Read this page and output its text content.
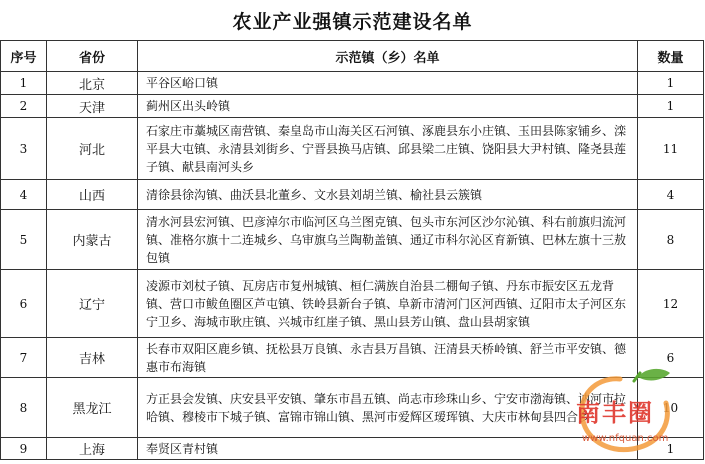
农业产业强镇示范建设名单
序号	省份	示范镇（乡）名单	数量
1	北京	平谷区峪口镇	1
2	天津	蓟州区出头岭镇	1
3	河北	石家庄市藁城区南营镇、秦皇岛市山海关区石河镇、涿鹿县东小庄镇、玉田县陈家铺乡、滦平县大屯镇、永清县刘街乡、宁晋县换马店镇、邱县梁二庄镇、饶阳县大尹村镇、隆尧县莲子镇、献县南河头乡	11
4	山西	清徐县徐沟镇、曲沃县北董乡、文水县刘胡兰镇、榆社县云簇镇	4
5	内蒙古	清水河县宏河镇、巴彦淖尔市临河区乌兰图克镇、包头市东河区沙尔沁镇、科右前旗归流河镇、准格尔旗十二连城乡、乌审旗乌兰陶勒盖镇、通辽市科尔沁区育新镇、巴林左旗十三敖包镇	8
6	辽宁	凌源市刘杖子镇、瓦房店市复州城镇、桓仁满族自治县二棚甸子镇、丹东市振安区五龙背镇、营口市鲅鱼圈区芦屯镇、铁岭县新台子镇、阜新市清河门区河西镇、辽阳市太子河区东宁卫乡、海城市耿庄镇、兴城市红崖子镇、黑山县芳山镇、盘山县胡家镇	12
7	吉林	长春市双阳区鹿乡镇、抚松县万良镇、永吉县万昌镇、汪清县天桥岭镇、舒兰市平安镇、德惠市布海镇	6
8	黑龙江	方正县会发镇、庆安县平安镇、肇东市昌五镇、尚志市珍珠山乡、宁安市渤海镇、讷河市拉哈镇、穆棱市下城子镇、富锦市锦山镇、黑河市爱辉区瑷珲镇、大庆市林甸县四合乡	10
9	上海	奉贤区青村镇	1
南丰圈
www.nfquan.com
